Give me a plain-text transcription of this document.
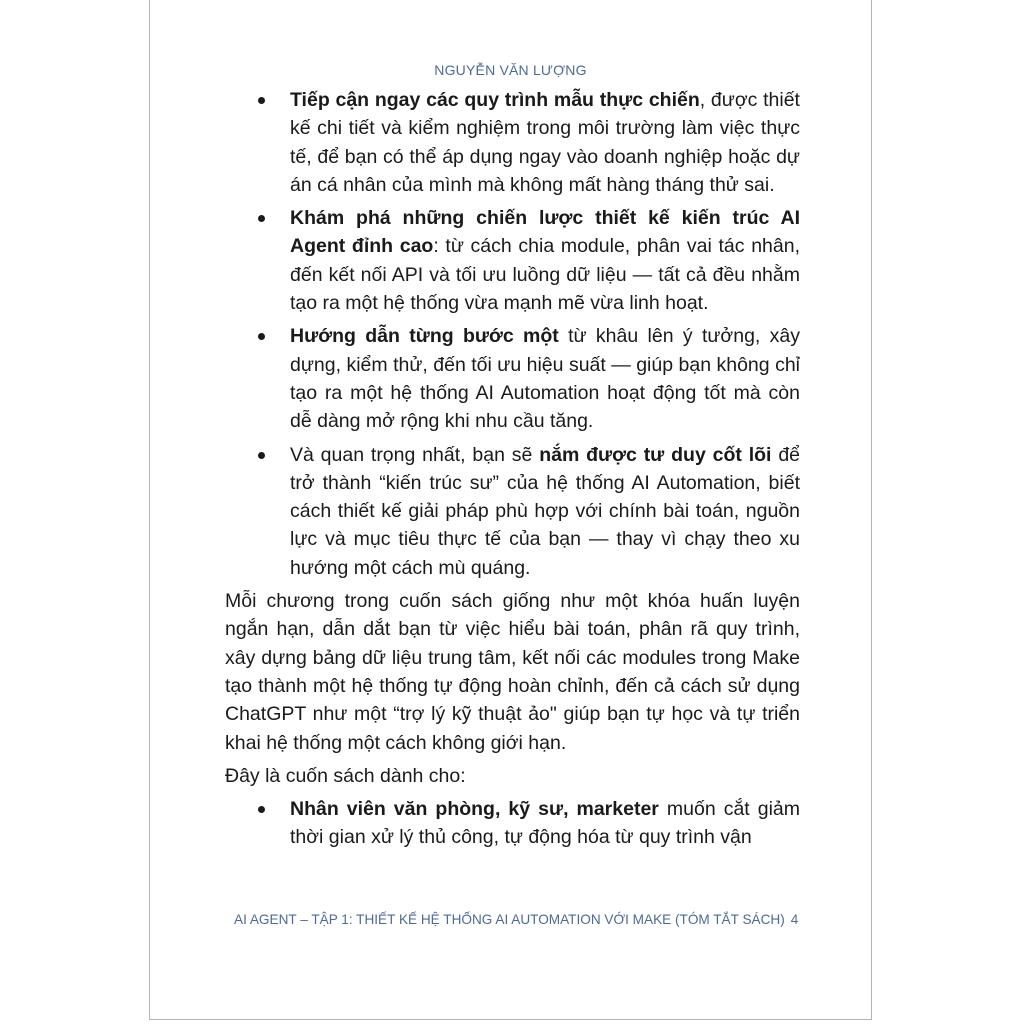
NGUYỄN VĂN LƯỢNG
Tiếp cận ngay các quy trình mẫu thực chiến, được thiết kế chi tiết và kiểm nghiệm trong môi trường làm việc thực tế, để bạn có thể áp dụng ngay vào doanh nghiệp hoặc dự án cá nhân của mình mà không mất hàng tháng thử sai.
Khám phá những chiến lược thiết kế kiến trúc AI Agent đỉnh cao: từ cách chia module, phân vai tác nhân, đến kết nối API và tối ưu luồng dữ liệu — tất cả đều nhằm tạo ra một hệ thống vừa mạnh mẽ vừa linh hoạt.
Hướng dẫn từng bước một từ khâu lên ý tưởng, xây dựng, kiểm thử, đến tối ưu hiệu suất — giúp bạn không chỉ tạo ra một hệ thống AI Automation hoạt động tốt mà còn dễ dàng mở rộng khi nhu cầu tăng.
Và quan trọng nhất, bạn sẽ nắm được tư duy cốt lõi để trở thành “kiến trúc sư” của hệ thống AI Automation, biết cách thiết kế giải pháp phù hợp với chính bài toán, nguồn lực và mục tiêu thực tế của bạn — thay vì chạy theo xu hướng một cách mù quáng.

Mỗi chương trong cuốn sách giống như một khóa huấn luyện ngắn hạn, dẫn dắt bạn từ việc hiểu bài toán, phân rã quy trình, xây dựng bảng dữ liệu trung tâm, kết nối các modules trong Make tạo thành một hệ thống tự động hoàn chỉnh, đến cả cách sử dụng ChatGPT như một “trợ lý kỹ thuật ảo" giúp bạn tự học và tự triển khai hệ thống một cách không giới hạn.

Đây là cuốn sách dành cho:

Nhân viên văn phòng, kỹ sư, marketer muốn cắt giảm thời gian xử lý thủ công, tự động hóa từ quy trình vận
AI AGENT – TẬP 1: THIẾT KẾ HỆ THỐNG AI AUTOMATION VỚI MAKE (TÓM TẮT SÁCH) 4
